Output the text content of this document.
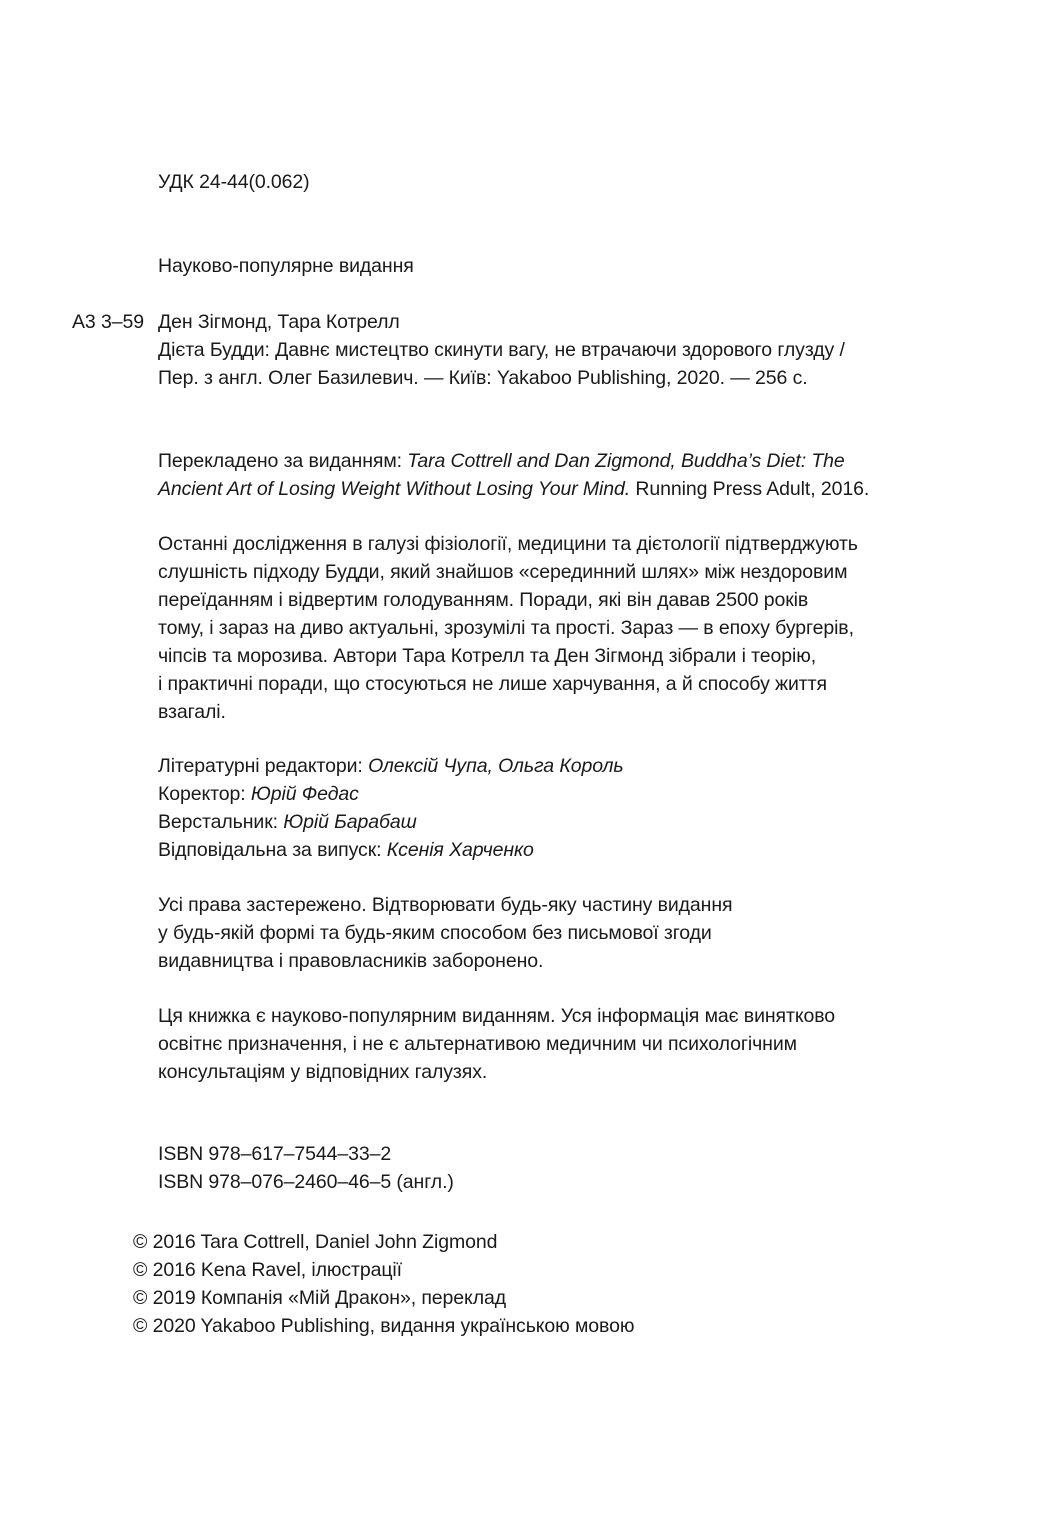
УДК 24-44(0.062)
Науково-популярне видання
А3 3–59 Ден Зігмонд, Тара Котрелл
Дієта Будди: Давнє мистецтво скинути вагу, не втрачаючи здорового глузду /
Пер. з англ. Олег Базилевич. — Київ: Yakaboo Publishing, 2020. — 256 с.
Перекладено за виданням: Tara Cottrell and Dan Zigmond, Buddha’s Diet: The
Ancient Art of Losing Weight Without Losing Your Mind. Running Press Adult, 2016.
Останні дослідження в галузі фізіології, медицини та дієтології підтверджують
слушність підходу Будди, який знайшов «серединний шлях» між нездоровим
переїданням і відвертим голодуванням. Поради, які він давав 2500 років
тому, і зараз на диво актуальні, зрозумілі та прості. Зараз — в епоху бургерів,
чіпсів та морозива. Автори Тара Котрелл та Ден Зігмонд зібрали і теорію,
і практичні поради, що стосуються не лише харчування, а й способу життя
взагалі.
Літературні редактори: Олексій Чупа, Ольга Король
Коректор: Юрій Федас
Верстальник: Юрій Барабаш
Відповідальна за випуск: Ксенія Харченко
Усі права застережено. Відтворювати будь-яку частину видання
у будь-якій формі та будь-яким способом без письмової згоди
видавництва і правовласників заборонено.
Ця книжка є науково-популярним виданням. Уся інформація має винятково
освітнє призначення, і не є альтернативою медичним чи психологічним
консультаціям у відповідних галузях.
ISBN 978–617–7544–33–2
ISBN 978–076–2460–46–5 (англ.)
© 2016 Tara Cottrell, Daniel John Zigmond
© 2016 Kena Ravel, ілюстрації
© 2019 Компанія «Мій Дракон», переклад
© 2020 Yakaboo Publishing, видання українською мовою
